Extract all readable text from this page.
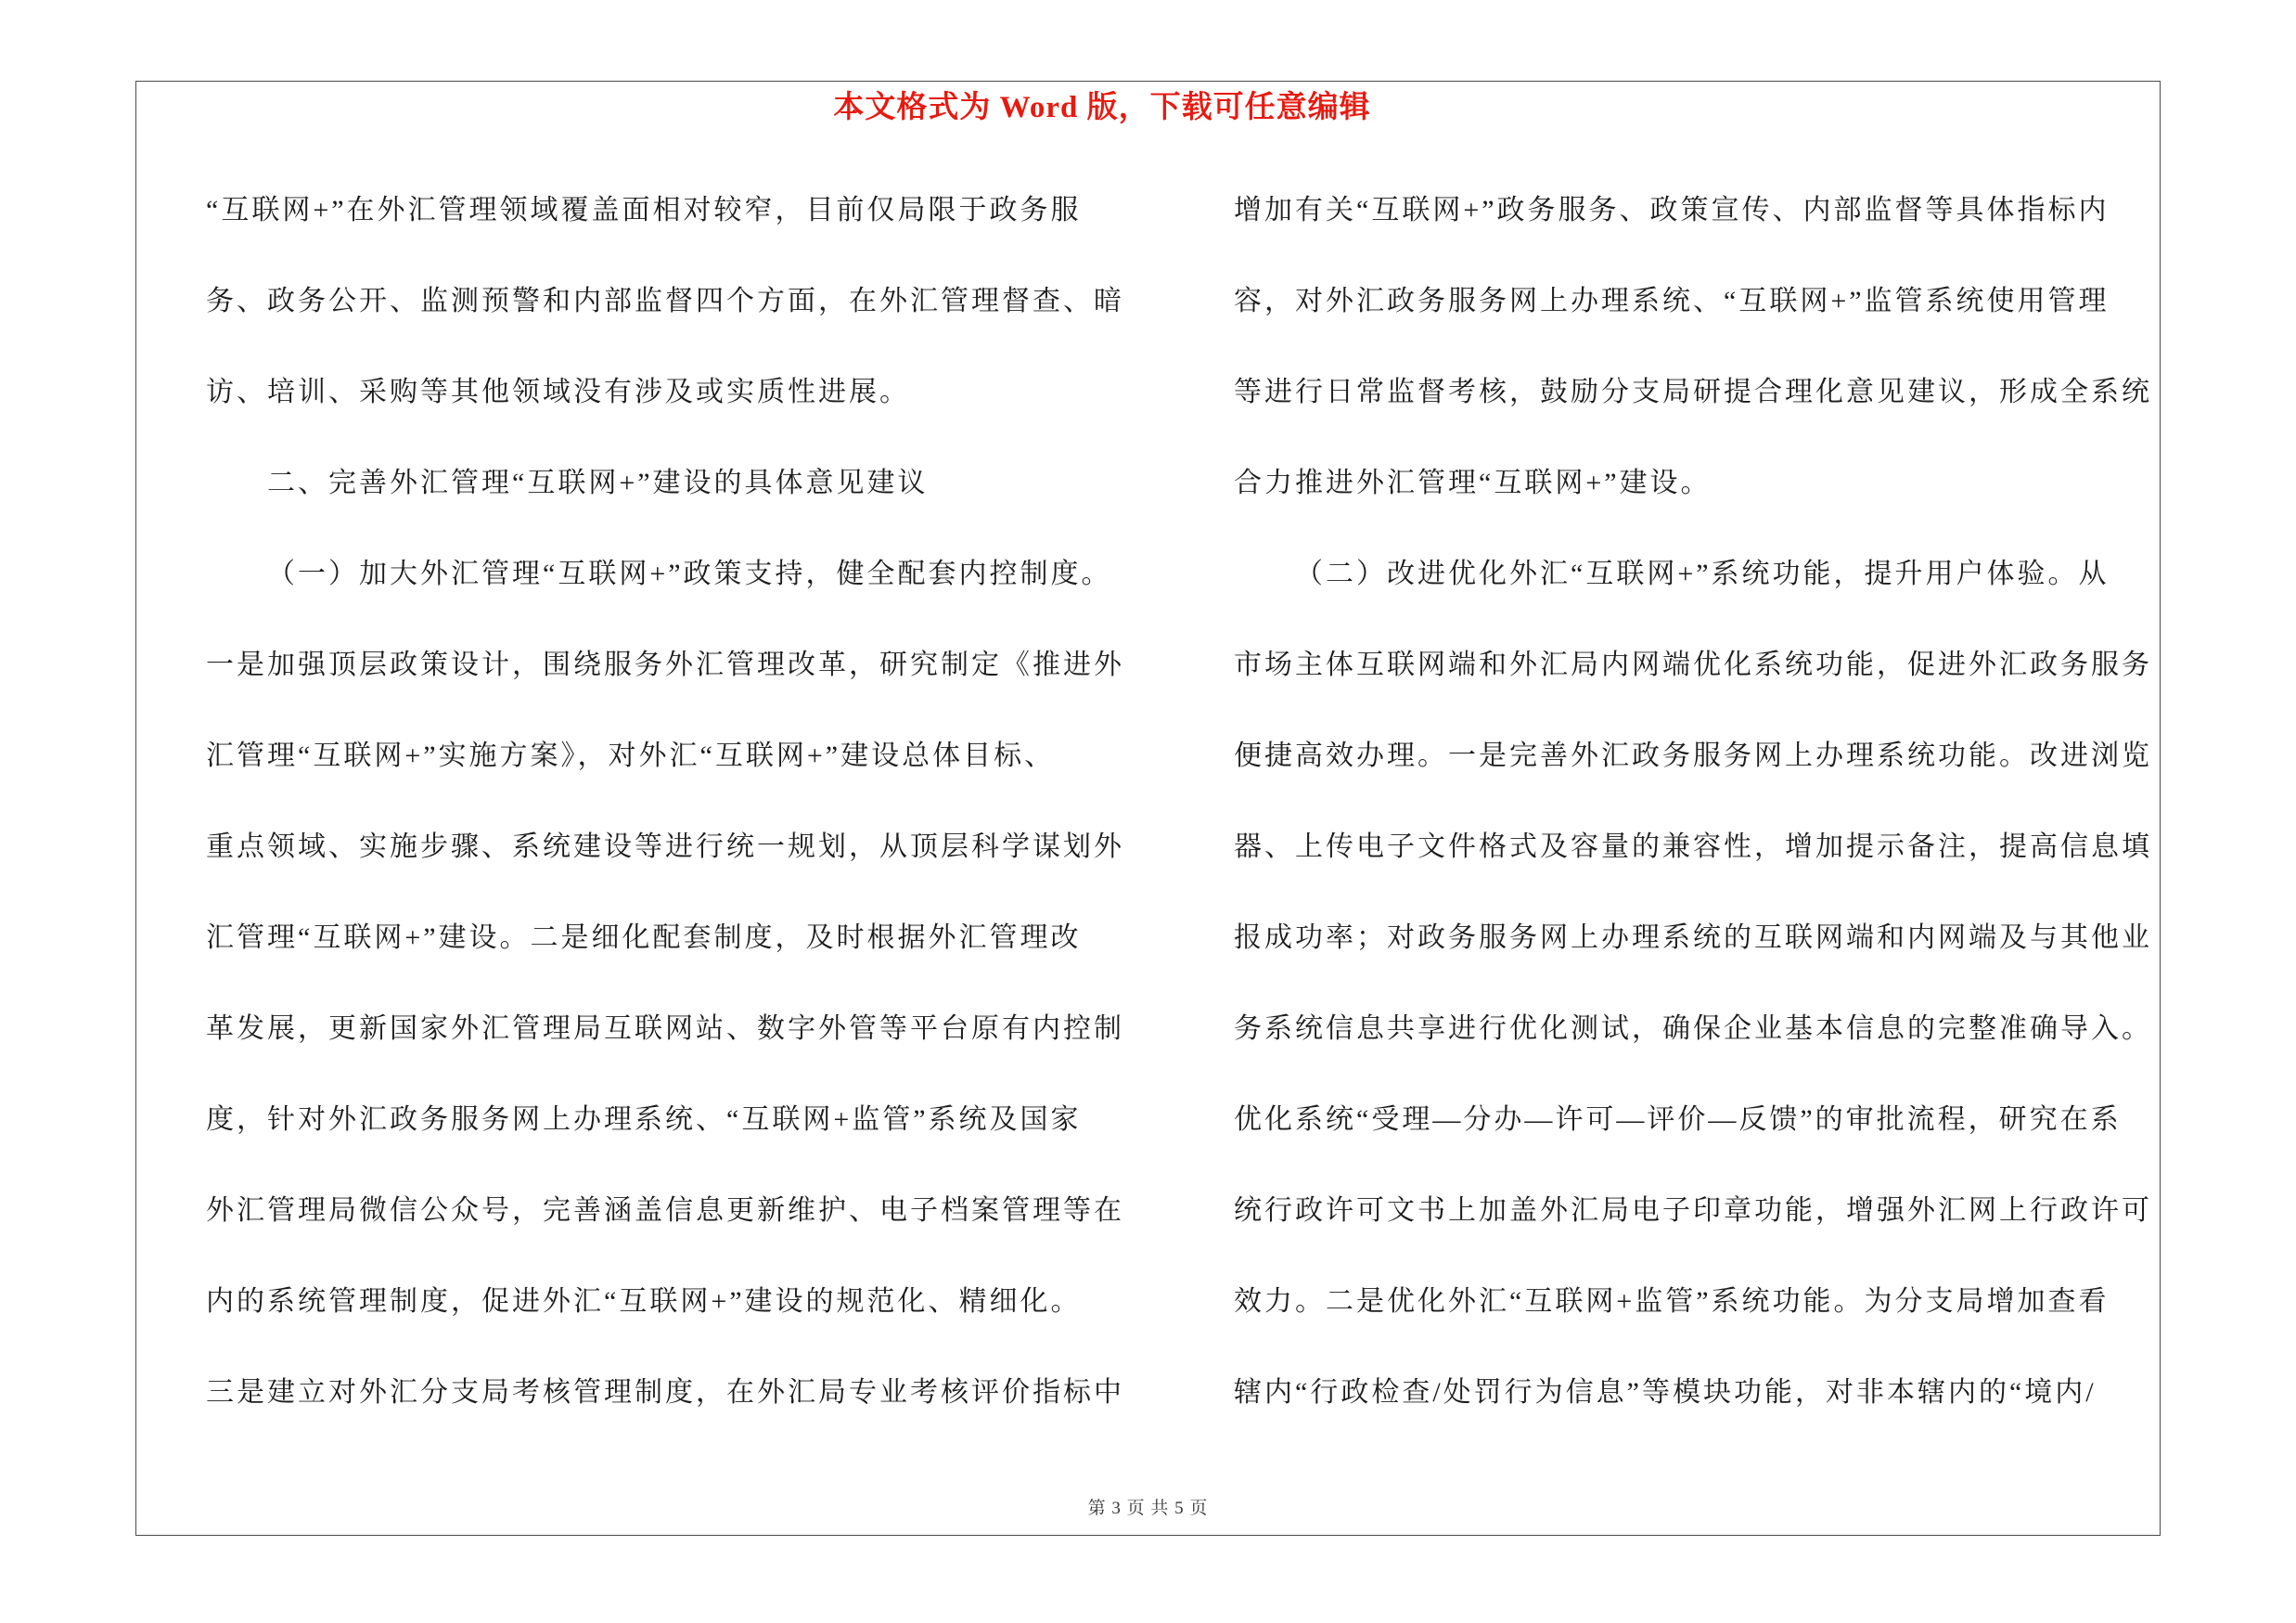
本文格式为 Word 版，下载可任意编辑
“互联网+”在外汇管理领域覆盖面相对较窄，目前仅局限于政务服
务、政务公开、监测预警和内部监督四个方面，在外汇管理督查、暗
访、培训、采购等其他领域没有涉及或实质性进展。
二、完善外汇管理“互联网+”建设的具体意见建议
（一）加大外汇管理“互联网+”政策支持，健全配套内控制度。
一是加强顶层政策设计，围绕服务外汇管理改革，研究制定《推进外
汇管理“互联网+”实施方案》，对外汇“互联网+”建设总体目标、
重点领域、实施步骤、系统建设等进行统一规划，从顶层科学谋划外
汇管理“互联网+”建设。二是细化配套制度，及时根据外汇管理改
革发展，更新国家外汇管理局互联网站、数字外管等平台原有内控制
度，针对外汇政务服务网上办理系统、“互联网+监管”系统及国家
外汇管理局微信公众号，完善涵盖信息更新维护、电子档案管理等在
内的系统管理制度，促进外汇“互联网+”建设的规范化、精细化。
三是建立对外汇分支局考核管理制度，在外汇局专业考核评价指标中
增加有关“互联网+”政务服务、政策宣传、内部监督等具体指标内
容，对外汇政务服务网上办理系统、“互联网+”监管系统使用管理
等进行日常监督考核，鼓励分支局研提合理化意见建议，形成全系统
合力推进外汇管理“互联网+”建设。
（二）改进优化外汇“互联网+”系统功能，提升用户体验。从
市场主体互联网端和外汇局内网端优化系统功能，促进外汇政务服务
便捷高效办理。一是完善外汇政务服务网上办理系统功能。改进浏览
器、上传电子文件格式及容量的兼容性，增加提示备注，提高信息填
报成功率；对政务服务网上办理系统的互联网端和内网端及与其他业
务系统信息共享进行优化测试，确保企业基本信息的完整准确导入。
优化系统“受理—分办—许可—评价—反馈”的审批流程，研究在系
统行政许可文书上加盖外汇局电子印章功能，增强外汇网上行政许可
效力。二是优化外汇“互联网+监管”系统功能。为分支局增加查看
辖内“行政检查/处罚行为信息”等模块功能，对非本辖内的“境内/
第 3 页 共 5 页
